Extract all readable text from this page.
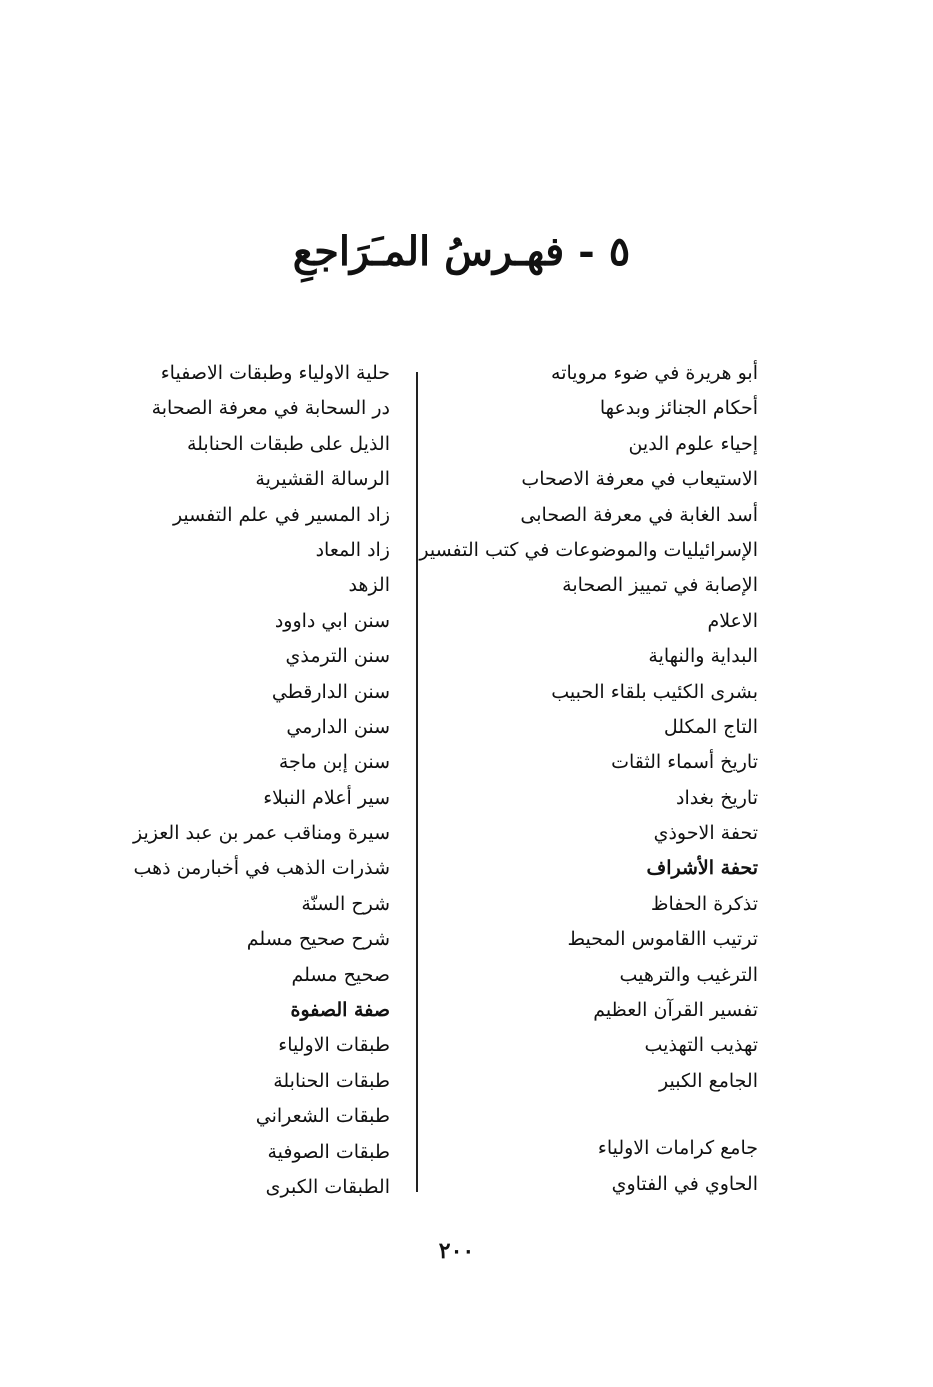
٥ - فهـرسُ المـَرَاجعِ
أبو هريرة في ضوء مروياته
أحكام الجنائز وبدعها
إحياء علوم الدين
الاستيعاب في معرفة الاصحاب
أسد الغابة في معرفة الصحابى
الإسرائيليات والموضوعات في كتب التفسير
الإصابة في تمييز الصحابة
الاعلام
البداية والنهاية
بشرى الكئيب بلقاء الحبيب
التاج المكلل
تاريخ أسماء الثقات
تاريخ بغداد
تحفة الاحوذي
تحفة الأشراف
تذكرة الحفاظ
ترتيب االقاموس المحيط
الترغيب والترهيب
تفسير القرآن العظيم
تهذيب التهذيب
الجامع الكبير
جامع كرامات الاولياء
الحاوي في الفتاوي
حلية الاولياء وطبقات الاصفياء
در السحابة في معرفة الصحابة
الذيل على طبقات الحنابلة
الرسالة القشيرية
زاد المسير في علم التفسير
زاد المعاد
الزهد
سنن ابي داوود
سنن الترمذي
سنن الدارقطي
سنن الدارمي
سنن إبن ماجة
سير أعلام النبلاء
سيرة ومناقب عمر بن عبد العزيز
شذرات الذهب في أخبارمن ذهب
شرح السنّة
شرح صحيح مسلم
صحيح مسلم
صفة الصفوة
طبقات الاولياء
طبقات الحنابلة
طبقات الشعراني
طبقات الصوفية
الطبقات الكبرى
٢٠٠
